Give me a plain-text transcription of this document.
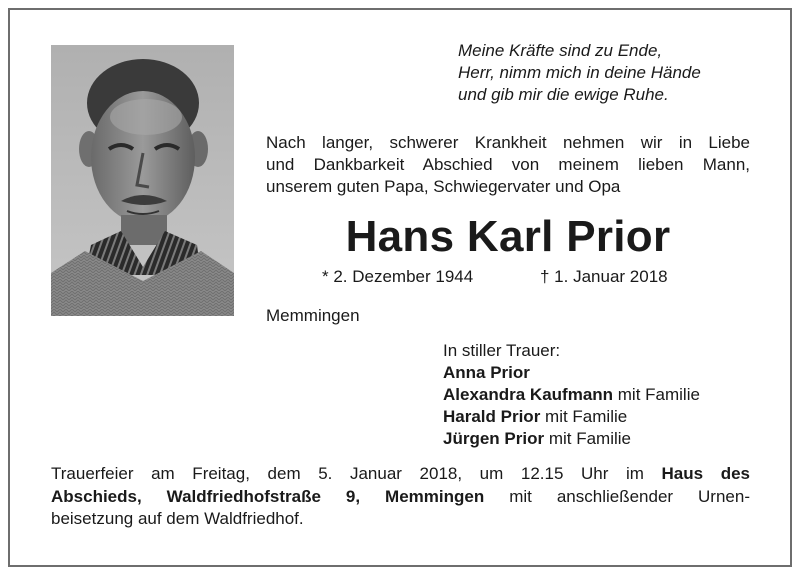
Meine Kräfte sind zu Ende,
Herr, nimm mich in deine Hände
und gib mir die ewige Ruhe.
Nach langer, schwerer Krankheit nehmen wir in Liebe
und Dankbarkeit Abschied von meinem lieben Mann,
unserem guten Papa, Schwiegervater und Opa
Hans Karl Prior
* 2. Dezember 1944	† 1. Januar 2018
Memmingen
In stiller Trauer:
Anna Prior
Alexandra Kaufmann mit Familie
Harald Prior mit Familie
Jürgen Prior mit Familie
Trauerfeier am Freitag, dem 5. Januar 2018, um 12.15 Uhr im Haus des
Abschieds, Waldfriedhofstraße 9, Memmingen mit anschließender Urnen-
beisetzung auf dem Waldfriedhof.
